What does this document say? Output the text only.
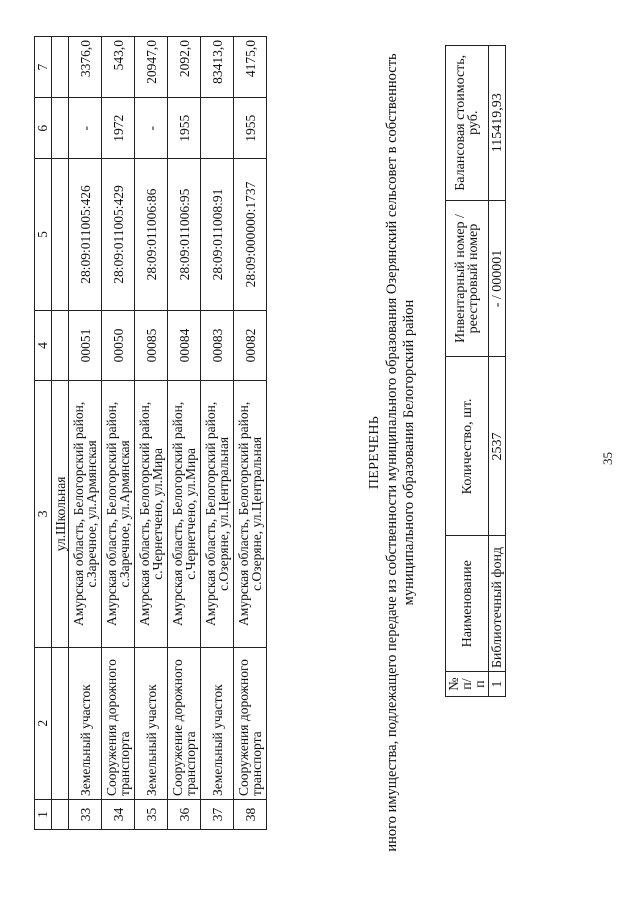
35
1	2	3	4	5	6	7
		ул.Школьная				
33	Земельный участок	Амурская область, Белогорский район, с.Заречное, ул.Армянская	00051	28:09:011005:426	-	3376,0
34	Сооружения дорожного транспорта	Амурская область, Белогорский район, с.Заречное, ул.Армянская	00050	28:09:011005:429	1972	543,0
35	Земельный участок	Амурская область, Белогорский район, с.Чернетчено, ул.Мира	00085	28:09:011006:86	-	20947,0
36	Сооружение дорожного транспорта	Амурская область, Белогорский район, с.Чернетчено, ул.Мира	00084	28:09:011006:95	1955	2092,0
37	Земельный участок	Амурская область, Белогорский район, с.Озеряне, ул.Центральная	00083	28:09:011008:91		83413,0
38	Сооружения дорожного транспорта	Амурская область, Белогорский район, с.Озеряне, ул.Центральная	00082	28:09:000000:1737	1955	4175,0
ПЕРЕЧЕНЬ иного имущества, подлежащего передаче из собственности муниципального образования Озерянский сельсовет в собственность муниципального образования Белогорский район
№ п/п	Наименование	Количество, шт.	Инвентарный номер / реестровый номер	Балансовая стоимость, руб.
1	Библиотечный фонд	2537	- / 000001	115419,93
